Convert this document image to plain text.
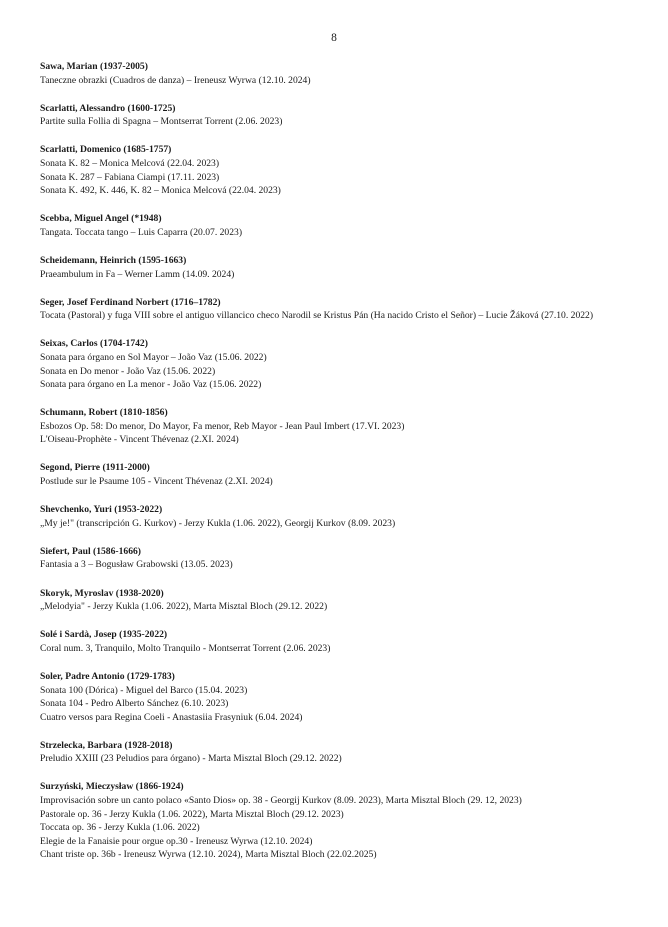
8
Sawa, Marian (1937-2005)
Taneczne obrazki (Cuadros de danza) – Ireneusz Wyrwa (12.10. 2024)
Scarlatti, Alessandro (1600-1725)
Partite sulla Follia di Spagna – Montserrat Torrent (2.06. 2023)
Scarlatti, Domenico (1685-1757)
Sonata K. 82 – Monica Melcová (22.04. 2023)
Sonata K. 287 – Fabiana Ciampi (17.11. 2023)
Sonata K. 492, K. 446, K. 82 – Monica Melcová (22.04. 2023)
Scebba, Miguel Angel (*1948)
Tangata. Toccata tango – Luis Caparra (20.07. 2023)
Scheidemann, Heinrich (1595-1663)
Praeambulum in Fa – Werner Lamm (14.09. 2024)
Seger, Josef Ferdinand Norbert (1716–1782)
Tocata (Pastoral) y fuga VIII sobre el antiguo villancico checo Narodil se Kristus Pán (Ha nacido Cristo el Señor) – Lucie Žáková (27.10. 2022)
Seixas, Carlos (1704-1742)
Sonata para órgano en Sol Mayor – João Vaz (15.06. 2022)
Sonata en Do menor - João Vaz (15.06. 2022)
Sonata para órgano en La menor - João Vaz (15.06. 2022)
Schumann, Robert (1810-1856)
Esbozos Op. 58: Do menor, Do Mayor, Fa menor, Reb Mayor - Jean Paul Imbert (17.VI. 2023)
L'Oiseau-Prophète - Vincent Thévenaz (2.XI. 2024)
Segond, Pierre (1911-2000)
Postlude sur le Psaume 105 - Vincent Thévenaz (2.XI. 2024)
Shevchenko, Yuri (1953-2022)
„My je!" (transcripción G. Kurkov) - Jerzy Kukla (1.06. 2022), Georgij Kurkov (8.09. 2023)
Siefert, Paul (1586-1666)
Fantasia a 3 – Bogusław Grabowski (13.05. 2023)
Skoryk, Myroslav (1938-2020)
„Melodyia" - Jerzy Kukla (1.06. 2022), Marta Misztal Bloch (29.12. 2022)
Solé i Sardà, Josep (1935-2022)
Coral num. 3, Tranquilo, Molto Tranquilo - Montserrat Torrent (2.06. 2023)
Soler, Padre Antonio (1729-1783)
Sonata 100 (Dórica) - Miguel del Barco (15.04. 2023)
Sonata 104 - Pedro Alberto Sánchez (6.10. 2023)
Cuatro versos para Regina Coeli - Anastasiia Frasyniuk (6.04. 2024)
Strzelecka, Barbara (1928-2018)
Preludio XXIII (23 Peludios para órgano) - Marta Misztal Bloch (29.12. 2022)
Surzyński, Mieczysław (1866-1924)
Improvisación sobre un canto polaco «Santo Dios» op. 38 - Georgij Kurkov (8.09. 2023), Marta Misztal Bloch (29. 12, 2023)
Pastorale op. 36 - Jerzy Kukla (1.06. 2022), Marta Misztal Bloch (29.12. 2023)
Toccata op. 36 - Jerzy Kukla (1.06. 2022)
Elegie de la Fanaisie pour orgue op.30 - Ireneusz Wyrwa (12.10. 2024)
Chant triste op. 36b - Ireneusz Wyrwa (12.10. 2024), Marta Misztal Bloch (22.02.2025)
